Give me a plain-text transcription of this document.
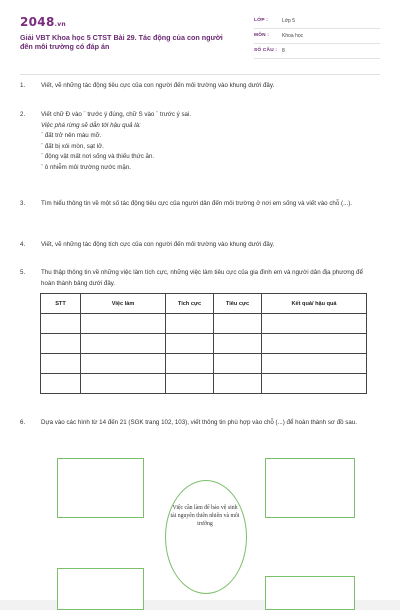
2048.vn
Giải VBT Khoa học 5 CTST Bài 29. Tác động của con người đến môi trường có đáp án
LỚP :	Lớp 5
MÔN :	Khoa học
SỐ CÂU : 8
1.	Viết, vẽ những tác động tiêu cực của con người đến môi trường vào khung dưới đây.
2.	Viết chữ Đ vào ¨ trước ý đúng, chữ S vào ¨ trước ý sai.
Việc phá rừng sẽ dẫn tới hậu quả là:
¨ đất trở nên màu mỡ.
¨ đất bị xói mòn, sạt lở.
¨ động vật mất nơi sống và thiếu thức ăn.
¨ ô nhiễm môi trường nước mặn.
3.	Tìm hiểu thông tin về một số tác động tiêu cực của người dân đến môi trường ở nơi em sống và viết vào chỗ (...).
4.	Viết, vẽ những tác động tích cực của con người đến môi trường vào khung dưới đây.
5.	Thu thập thông tin về những việc làm tích cực, những việc làm tiêu cực của gia đình em và người dân địa phương để hoàn thành bảng dưới đây.
STT	Việc làm	Tích cực	Tiêu cực	Kết quả/ hậu quả

6.	Dựa vào các hình từ 14 đến 21 (SGK trang 102, 103), viết thông tin phù hợp vào chỗ (...) để hoàn thành sơ đồ sau.
Việc cần làm để bảo vệ sinh tài nguyên thiên nhiên và môi trường
